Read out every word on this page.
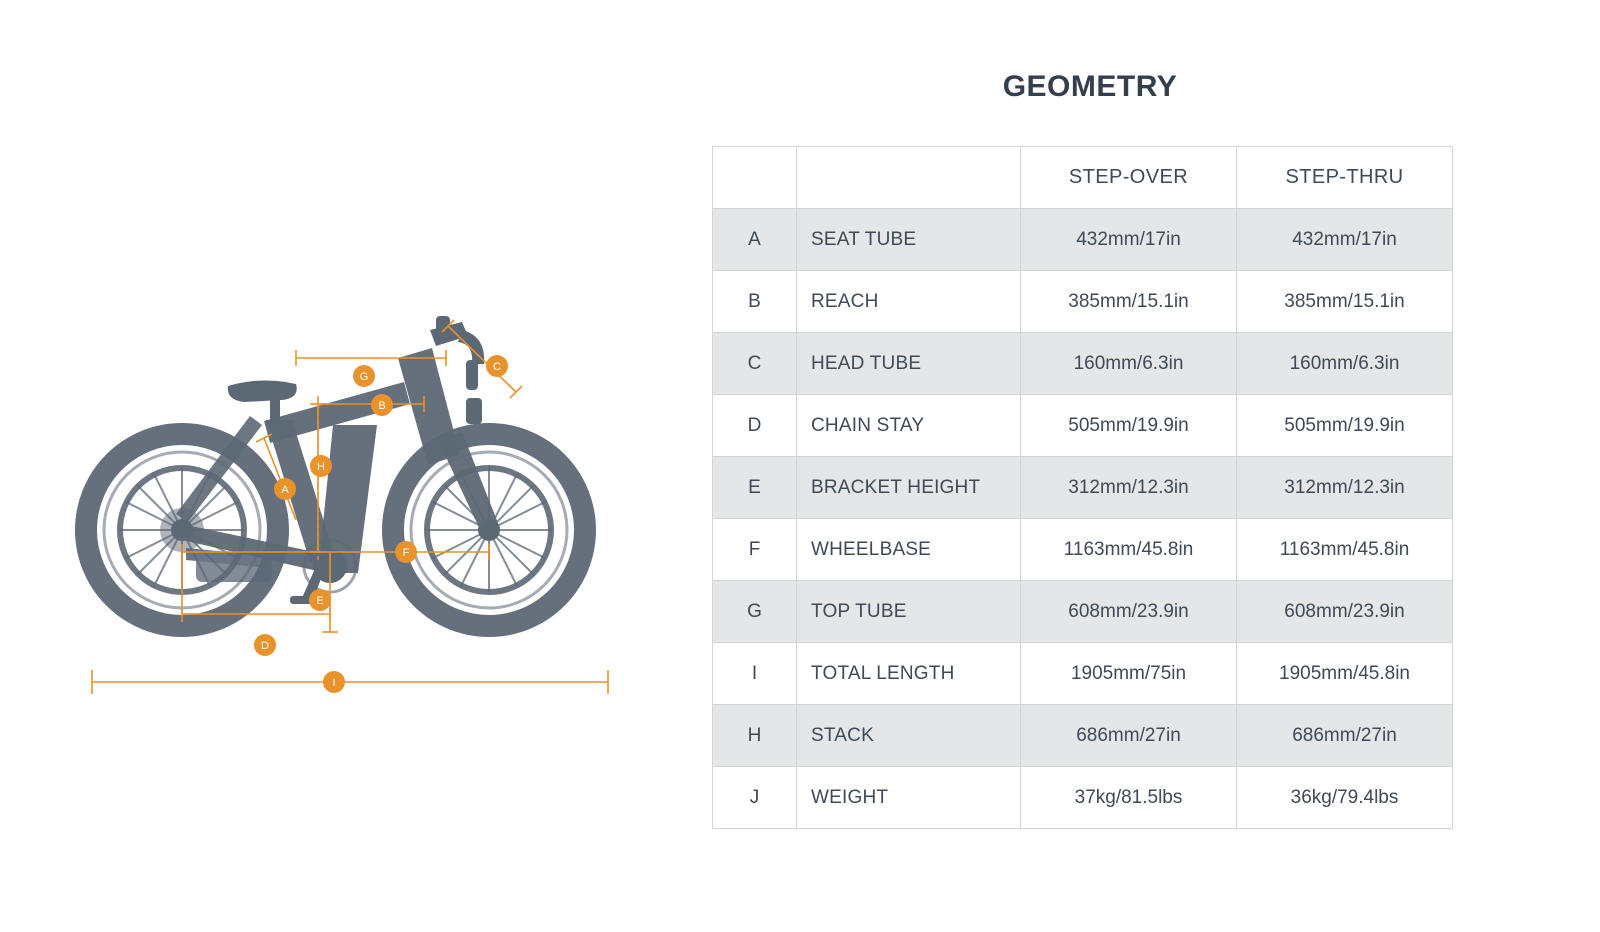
G
C
B
H
A
F
E
D
I
GEOMETRY
		STEP-OVER	STEP-THRU
A	SEAT TUBE	432mm/17in	432mm/17in
B	REACH	385mm/15.1in	385mm/15.1in
C	HEAD TUBE	160mm/6.3in	160mm/6.3in
D	CHAIN STAY	505mm/19.9in	505mm/19.9in
E	BRACKET HEIGHT	312mm/12.3in	312mm/12.3in
F	WHEELBASE	1163mm/45.8in	1163mm/45.8in
G	TOP TUBE	608mm/23.9in	608mm/23.9in
I	TOTAL LENGTH	1905mm/75in	1905mm/45.8in
H	STACK	686mm/27in	686mm/27in
J	WEIGHT	37kg/81.5lbs	36kg/79.4lbs
